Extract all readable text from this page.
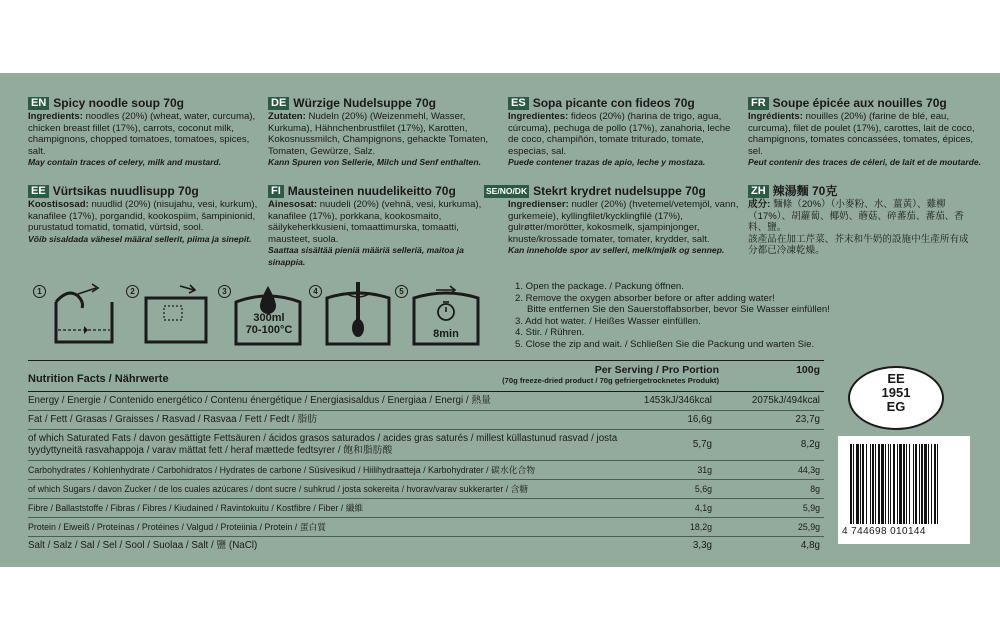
EN Spicy noodle soup 70g
Ingredients: noodles (20%) (wheat, water, curcuma), chicken breast fillet (17%), carrots, coconut milk, champignons, chopped tomatoes, tomatoes, spices, salt.
May contain traces of celery, milk and mustard.
DE Würzige Nudelsuppe 70g
Zutaten: Nudeln (20%) (Weizenmehl, Wasser, Kurkuma), Hähnchenbrustfilet (17%), Karotten, Kokosnussmilch, Champignons, gehackte Tomaten, Tomaten, Gewürze, Salz.
Kann Spuren von Sellerie, Milch und Senf enthalten.
ES Sopa picante con fideos 70g
Ingredientes: fideos (20%) (harina de trigo, agua, cúrcuma), pechuga de pollo (17%), zanahoria, leche de coco, champiñón, tomate triturado, tomate, especias, sal.
Puede contener trazas de apio, leche y mostaza.
FR Soupe épicée aux nouilles 70g
Ingrédients: nouilles (20%) (farine de blé, eau, curcuma), filet de poulet (17%), carottes, lait de coco, champignons, tomates concassées, tomates, épices, sel.
Peut contenir des traces de céleri, de lait et de moutarde.
EE Vürtsikas nuudlisupp 70g
Koostisosad: nuudlid (20%) (nisujahu, vesi, kurkum), kanafilee (17%), porgandid, kookospiim, šampinionid, purustatud tomatid, tomatid, vürtsid, sool.
Võib sisaldada vähesel määral sellerit, piima ja sinepit.
FI Mausteinen nuudelikeitto 70g
Ainesosat: nuudeli (20%) (vehnä, vesi, kurkuma), kanafilee (17%), porkkana, kookosmaito, säilykeherkkusieni, tomaattimurska, tomaatti, mausteet, suola.
Saattaa sisältää pieniä määriä selleriä, maitoa ja sinappia.
SE/NO/DK Stekrt krydret nudelsuppe 70g
Ingredienser: nudler (20%) (hvetemel/vetemjöl, vann, gurkemeie), kyllingfilet/kycklingfilé (17%), gulrøtter/morötter, kokosmelk, sjampinjonger, knuste/krossade tomater, tomater, krydder, salt.
Kan inneholde spor av selleri, melk/mjølk og sennep.
ZH 辣湯麵 70克
成分: 麵條（20%）（小麥粉、水、薑黃）、雞柳（17%）、胡蘿蔔、椰奶、蘑菇、碎蕃茄、蕃茄、香料、鹽。
該產品在加工芹菜、芥末和牛奶的設施中生產所有成分都已冷凍乾燥。
1	2	3
300ml
70-100°C
4	5
8min
1. Open the package. / Packung öffnen.
2. Remove the oxygen absorber before or after adding water!
Bitte entfernen Sie den Sauerstoffabsorber, bevor Sie Wasser einfüllen!
3. Add hot water. / Heißes Wasser einfüllen.
4. Stir. / Rühren.
5. Close the zip and wait. / Schließen Sie die Packung und warten Sie.
Nutrition Facts / Nährwerte
Per Serving / Pro Portion
(70g freeze-dried product / 70g gefriergetrocknetes Produkt)
100g
Energy / Energie / Contenido energético / Contenu énergétique / Energiasisaldus / Energiaa / Energi / 熱量	1453kJ/346kcal	2075kJ/494kcal
Fat / Fett / Grasas / Graisses / Rasvad / Rasvaa / Fett / Fedt / 脂肪	16,6g	23,7g
of which Saturated Fats / davon gesättigte Fettsäuren / ácidos grasos saturados / acides gras saturés / millest küllastunud rasvad / josta tyydyttyneitä rasvahappoja / varav mättat fett / heraf mættede fedtsyrer / 飽和脂肪酸
5,7g	8,2g
Carbohydrates / Kohlenhydrate / Carbohidratos / Hydrates de carbone / Süsivesikud / Hiilihydraatteja / Karbohydrater / 碳水化合物	31g	44,3g
of which Sugars / davon Zucker / de los cuales azúcares / dont sucre / suhkrud / josta sokereita / hvorav/varav sukkerarter / 含糖	5,6g	8g
Fibre / Ballaststoffe / Fibras / Fibres / Kiudained / Ravintokuitu / Kostfibre / Fiber / 纖維	4,1g	5,9g
Protein / Eiweiß / Proteínas / Protéines / Valgud / Proteiinia / Protein / 蛋白質	18,2g	25,9g
Salt / Salz / Sal / Sel / Sool / Suolaa / Salt / 鹽 (NaCl)	3,3g	4,8g
EE
1951
EG
4 744698 010144
